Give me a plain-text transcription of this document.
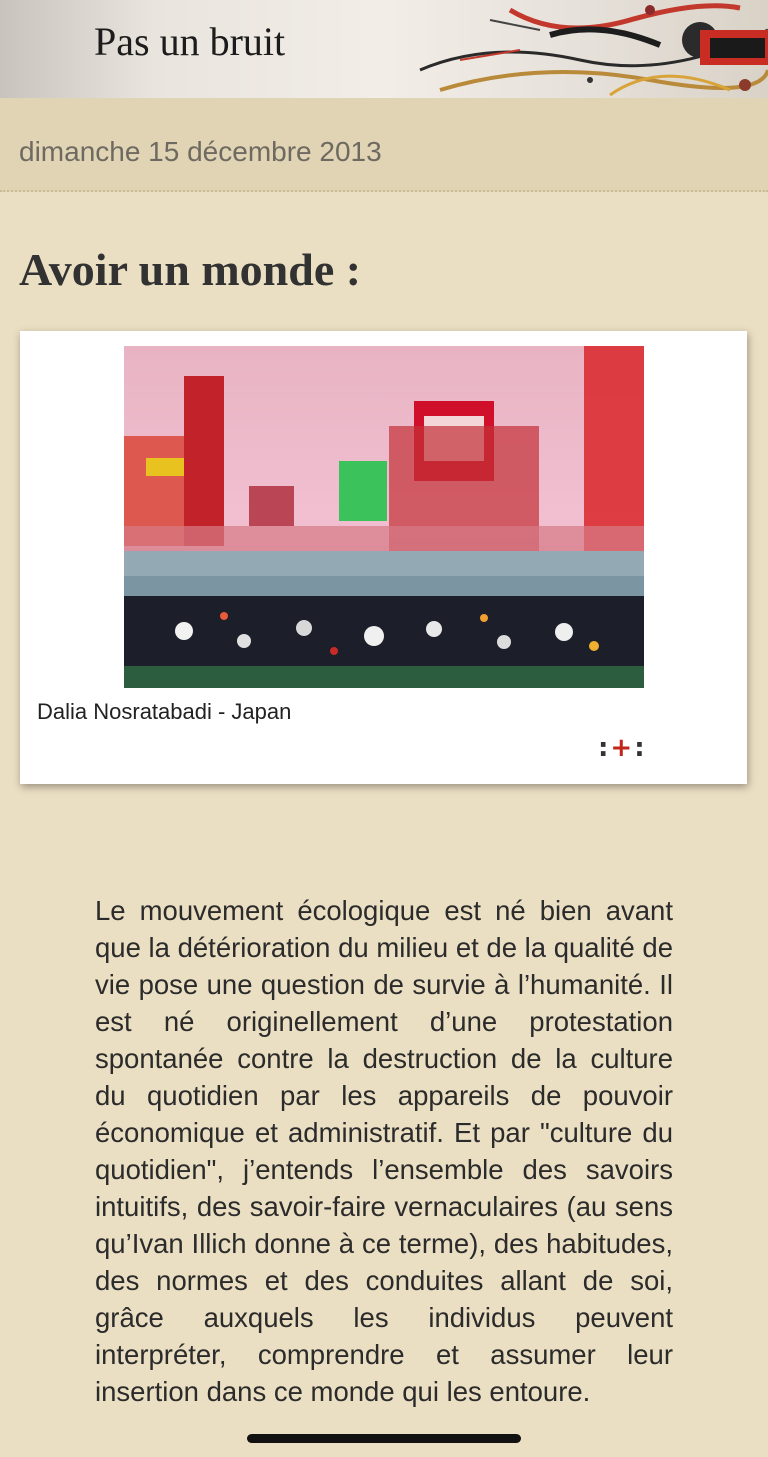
Pas un bruit
dimanche 15 décembre 2013
Avoir un monde :
Dalia Nosratabadi - Japan
:+:

Le mouvement écologique est né bien avant que la détérioration du milieu et de la qualité de vie pose une question de survie à l’humanité. Il est né originellement d’une protestation spontanée contre la destruction de la culture du quotidien par les appareils de pouvoir économique et administratif. Et par "culture du quotidien", j’entends l’ensemble des savoirs intuitifs, des savoir-faire vernaculaires (au sens qu’Ivan Illich donne à ce terme), des habitudes, des normes et des conduites allant de soi, grâce auxquels les individus peuvent interpréter, comprendre et assumer leur insertion dans ce monde qui les entoure.
